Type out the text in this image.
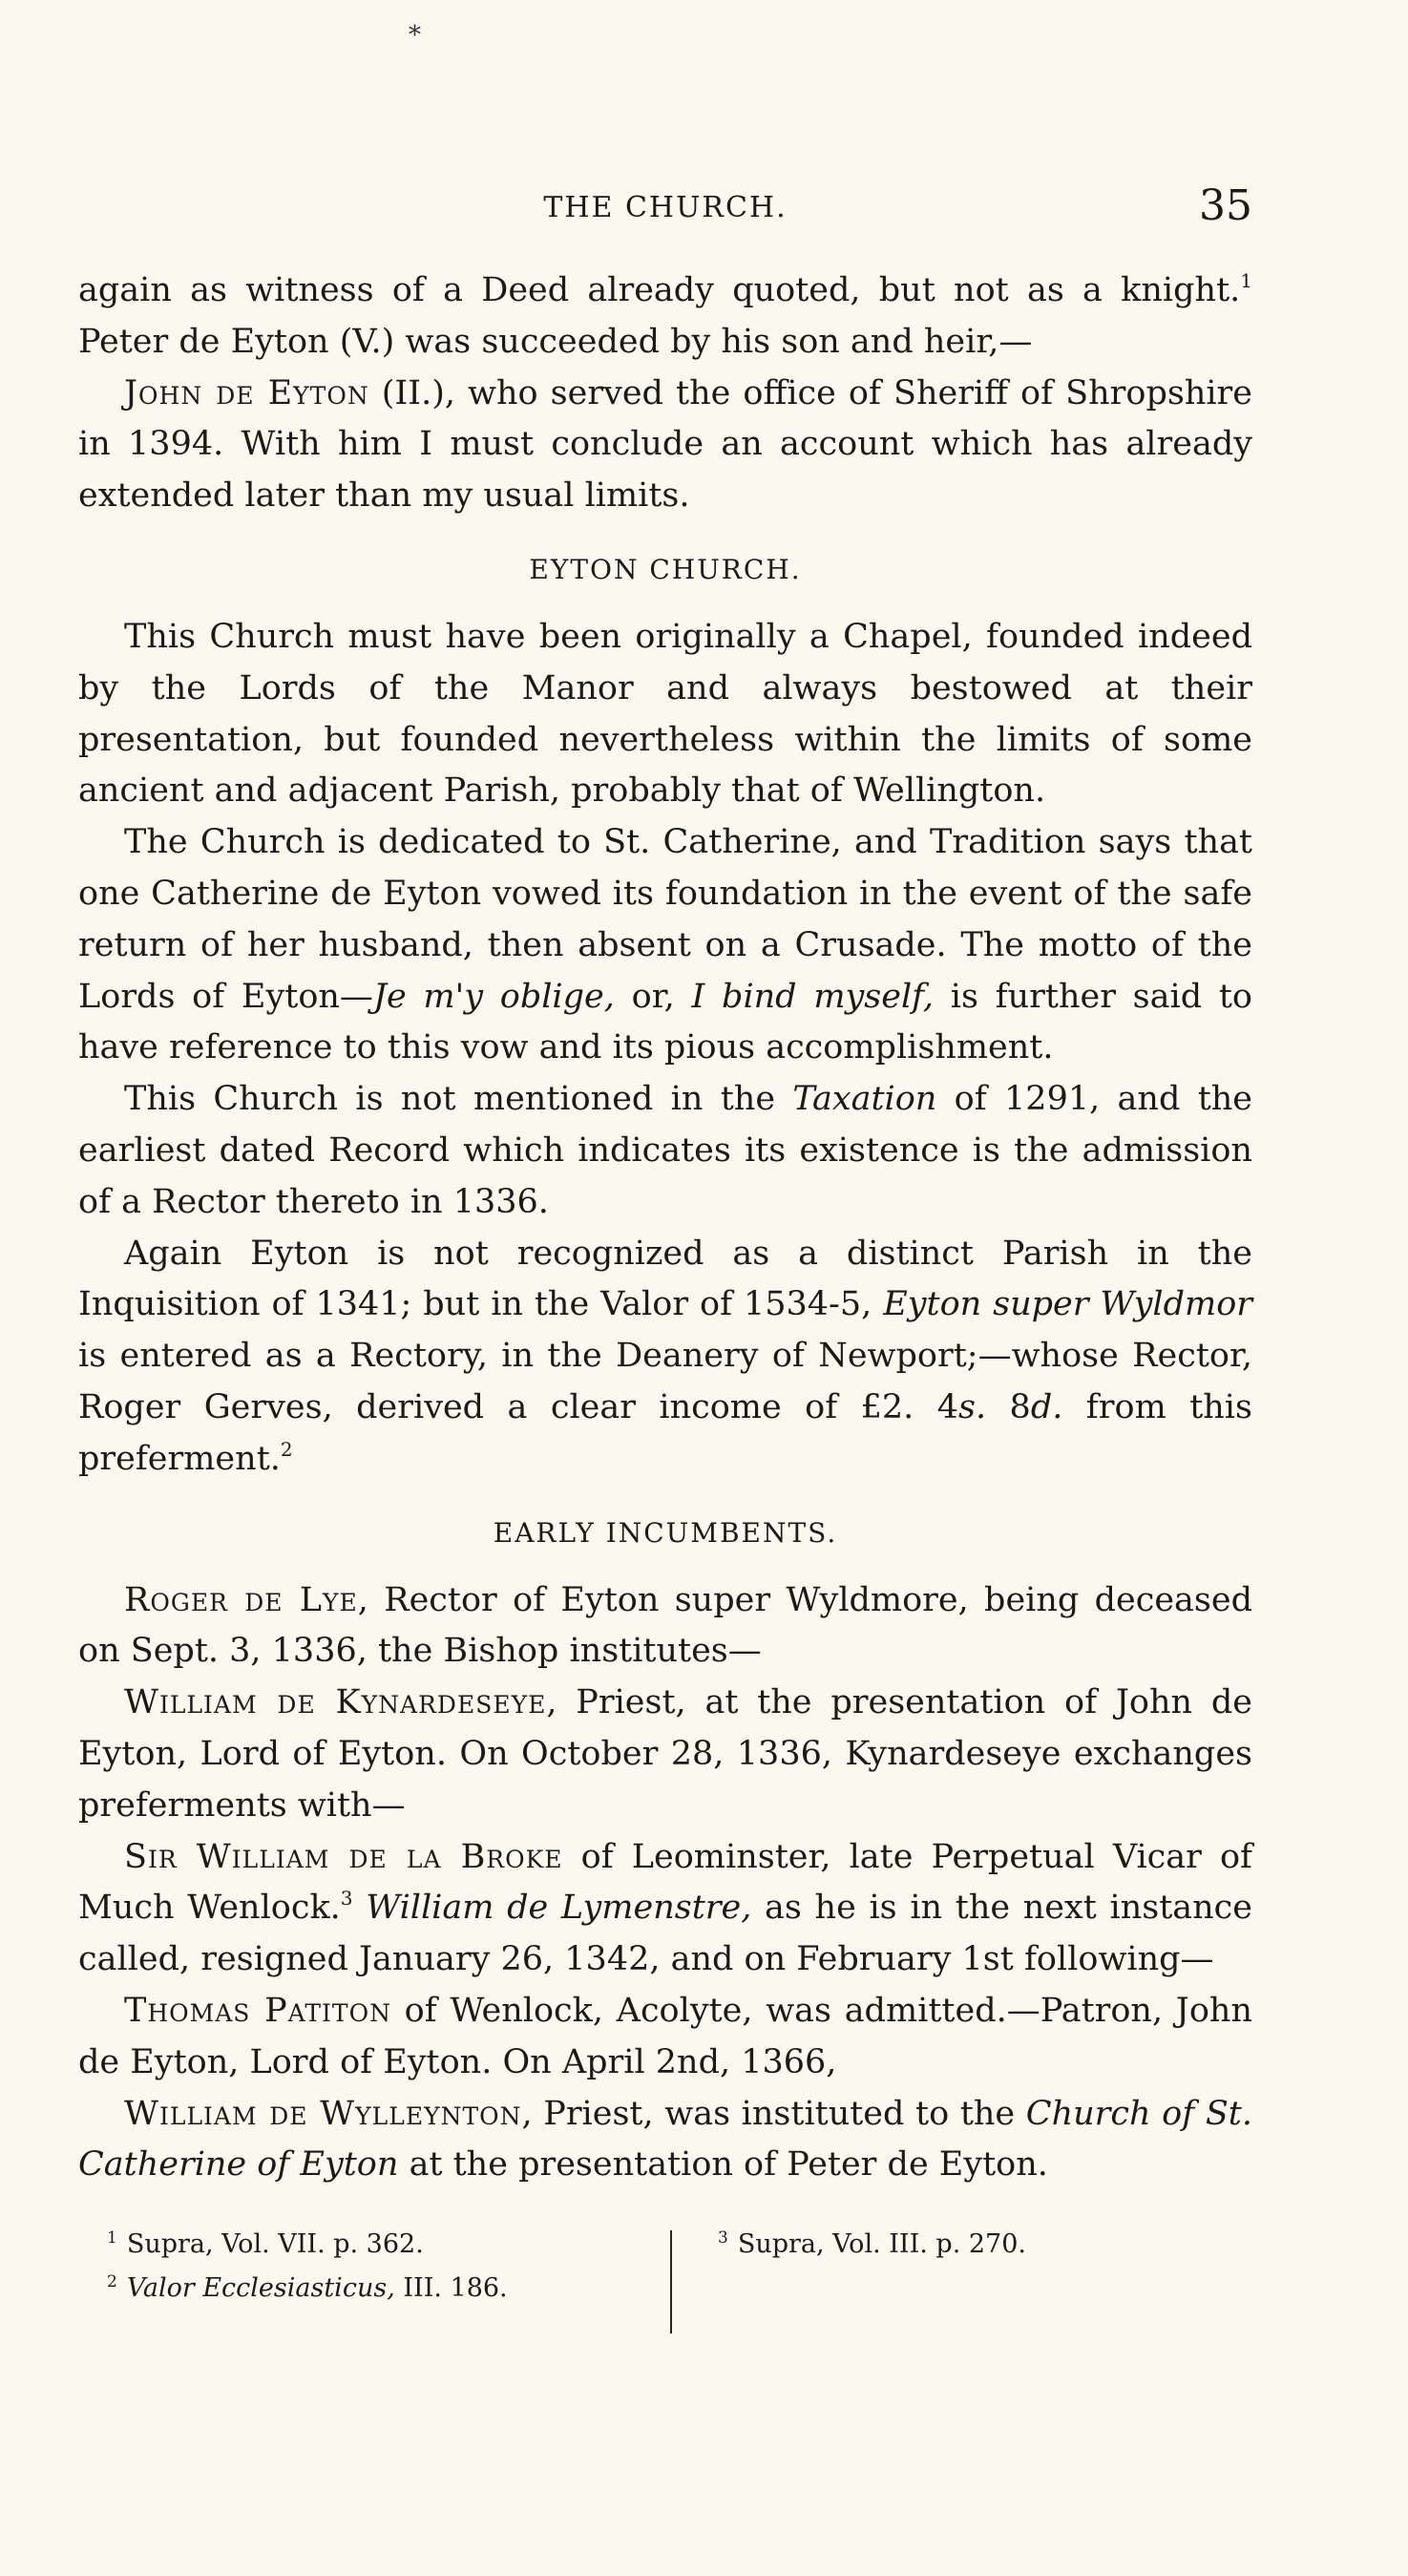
*
THE CHURCH.	35

again as witness of a Deed already quoted, but not as a knight.$^1$ Peter de Eyton (V.) was succeeded by his son and heir,—

John de Eyton (II.), who served the office of Sheriff of Shropshire in 1394. With him I must conclude an account which has already extended later than my usual limits.

EYTON CHURCH.

This Church must have been originally a Chapel, founded indeed by the Lords of the Manor and always bestowed at their presentation, but founded nevertheless within the limits of some ancient and adjacent Parish, probably that of Wellington.

The Church is dedicated to St. Catherine, and Tradition says that one Catherine de Eyton vowed its foundation in the event of the safe return of her husband, then absent on a Crusade. The motto of the Lords of Eyton—Je m'y oblige, or, I bind myself, is further said to have reference to this vow and its pious accomplishment.

This Church is not mentioned in the Taxation of 1291, and the earliest dated Record which indicates its existence is the admission of a Rector thereto in 1336.

Again Eyton is not recognized as a distinct Parish in the Inquisition of 1341; but in the Valor of 1534-5, Eyton super Wyldmor is entered as a Rectory, in the Deanery of Newport;—whose Rector, Roger Gerves, derived a clear income of £2. 4s. 8d. from this preferment.$^2$

EARLY INCUMBENTS.

Roger de Lye, Rector of Eyton super Wyldmore, being deceased on Sept. 3, 1336, the Bishop institutes—

William de Kynardeseye, Priest, at the presentation of John de Eyton, Lord of Eyton. On October 28, 1336, Kynardeseye exchanges preferments with—

Sir William de la Broke of Leominster, late Perpetual Vicar of Much Wenlock.$^3$ William de Lymenstre, as he is in the next instance called, resigned January 26, 1342, and on February 1st following—

Thomas Patiton of Wenlock, Acolyte, was admitted.—Patron, John de Eyton, Lord of Eyton. On April 2nd, 1366,

William de Wylleynton, Priest, was instituted to the Church of St. Catherine of Eyton at the presentation of Peter de Eyton.

$^1$ Supra, Vol. VII. p. 362.
$^2$ Valor Ecclesiasticus, III. 186.
$^3$ Supra, Vol. III. p. 270.
